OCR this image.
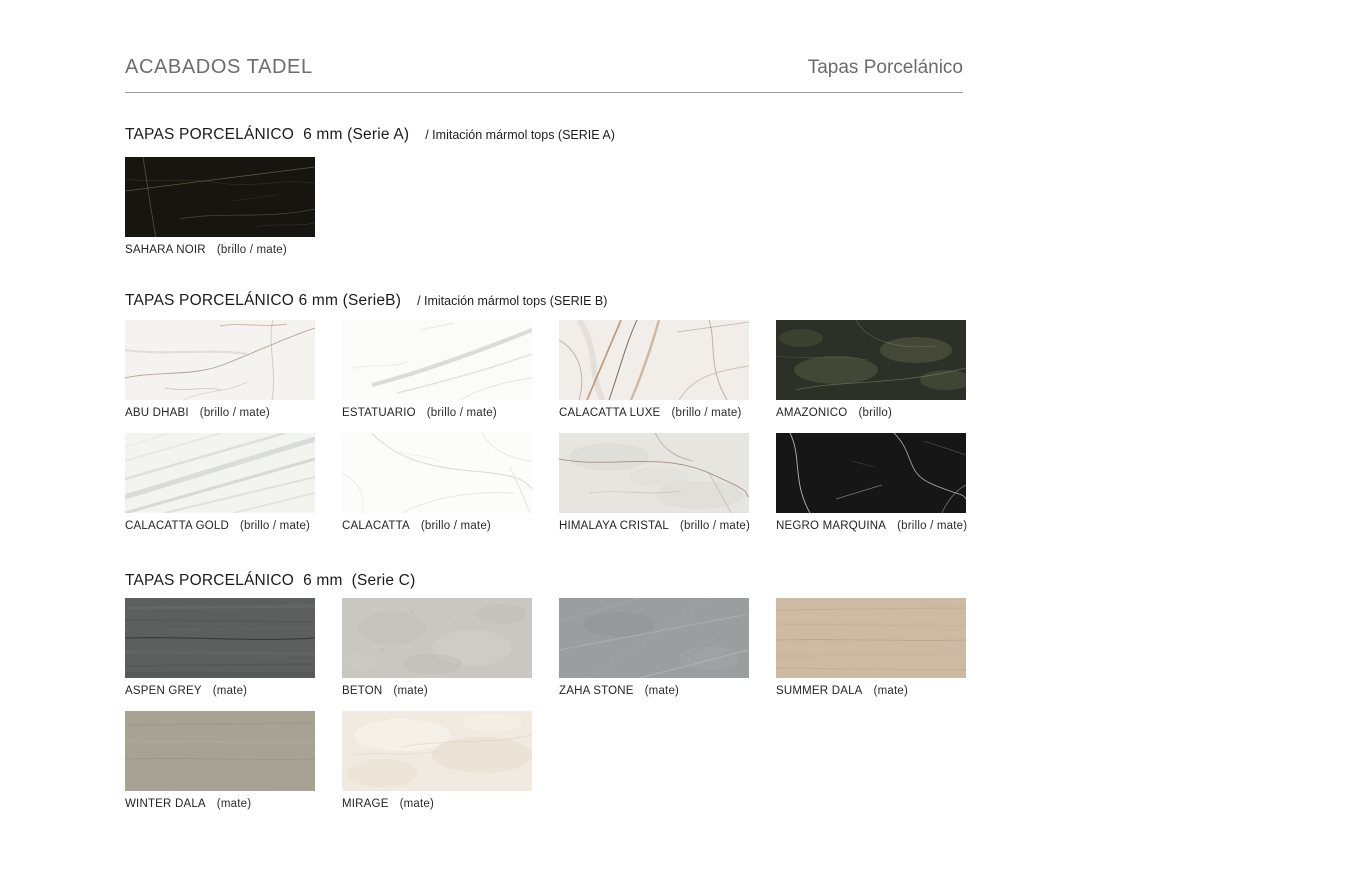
ACABADOS TADEL	Tapas Porcelánico
TAPAS PORCELÁNICO  6 mm (Serie A) / Imitación mármol tops (SERIE A)
SAHARA NOIR (brillo / mate)
TAPAS PORCELÁNICO 6 mm (SerieB) / Imitación mármol tops (SERIE B)
ABU DHABI (brillo / mate)	ESTATUARIO (brillo / mate)	CALACATTA LUXE (brillo / mate)	AMAZONICO (brillo)
CALACATTA GOLD (brillo / mate)	CALACATTA (brillo / mate)	HIMALAYA CRISTAL (brillo / mate) NEGRO MARQUINA (brillo / mate)
TAPAS PORCELÁNICO  6 mm  (Serie C)
ASPEN GREY (mate)	BETON (mate)	ZAHA STONE (mate)	SUMMER DALA (mate)
WINTER DALA (mate)	MIRAGE (mate)
